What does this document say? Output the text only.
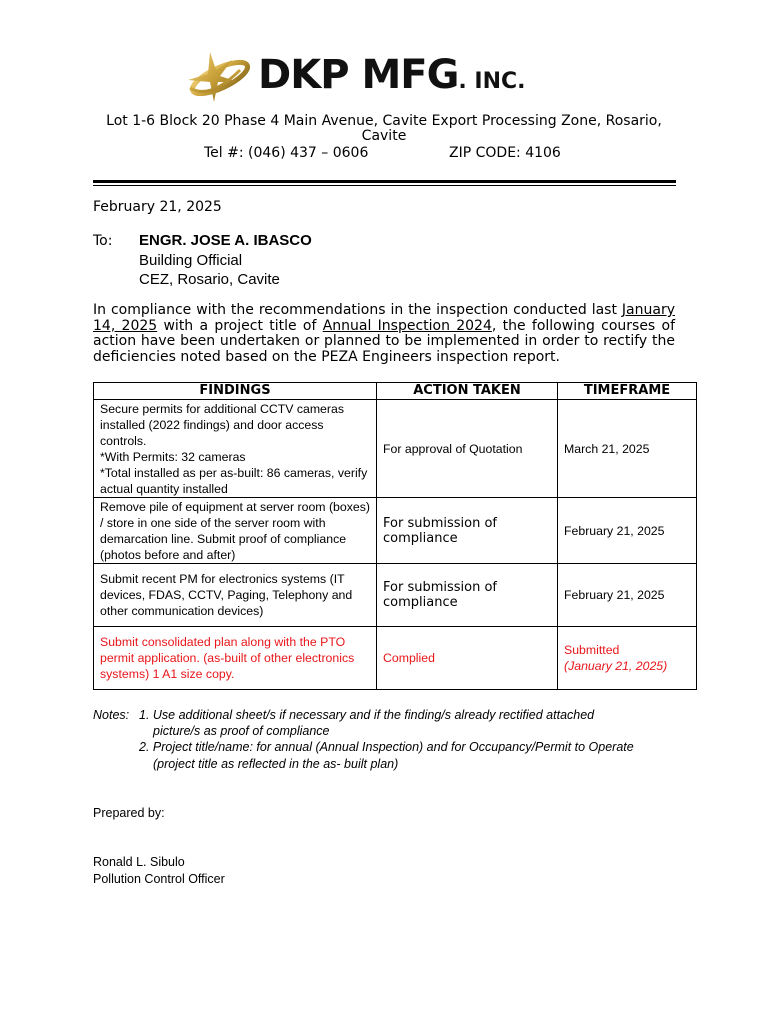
DKP MFG. INC.
Lot 1-6 Block 20 Phase 4 Main Avenue, Cavite Export Processing Zone, Rosario,
Cavite
Tel #: (046) 437 – 0606	ZIP CODE: 4106
February 21, 2025
To: ENGR. JOSE A. IBASCO
Building Official
CEZ, Rosario, Cavite
In compliance with the recommendations in the inspection conducted last January 14, 2025 with a project title of Annual Inspection 2024, the following courses of action have been undertaken or planned to be implemented in order to rectify the deficiencies noted based on the PEZA Engineers inspection report.
FINDINGS	ACTION TAKEN	TIMEFRAME

Secure permits for additional CCTV cameras installed (2022 findings) and door access controls.
*With Permits: 32 cameras
*Total installed as per as-built: 86 cameras, verify actual quantity installed	For approval of Quotation	March 21, 2025

Remove pile of equipment at server room (boxes) / store in one side of the server room with demarcation line. Submit proof of compliance (photos before and after)	For submission of compliance	February 21, 2025

Submit recent PM for electronics systems (IT devices, FDAS, CCTV, Paging, Telephony and other communication devices)	For submission of compliance	February 21, 2025

Submit consolidated plan along with the PTO permit application. (as-built of other electronics systems) 1 A1 size copy.	Complied	Submitted
(January 21, 2025)
Notes: 1. Use additional sheet/s if necessary and if the finding/s already rectified attached
picture/s as proof of compliance
2. Project title/name: for annual (Annual Inspection) and for Occupancy/Permit to Operate
(project title as reflected in the as- built plan)
Prepared by:
Ronald L. Sibulo
Pollution Control Officer
